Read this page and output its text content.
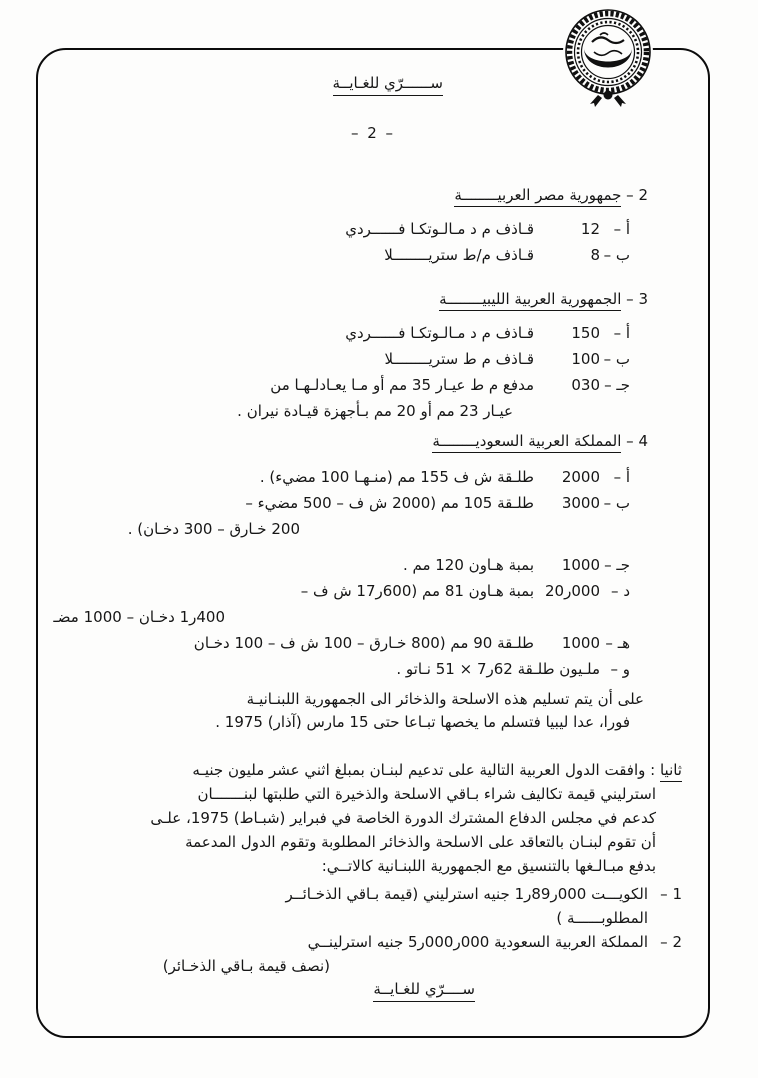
ســــــرّي للغـايــة
– 2 –
2 – جمهورية مصر العربيــــــــة
أ –
12
قـاذف م د مـالـوتكـا فــــــردي
ب –
8
قـاذف م/ط ستريــــــــلا
3 – الجمهورية العربية الليبيــــــــة
أ –
150
قـاذف م د مـالـوتكـا فــــــردي
ب –
100
قـاذف م ط ستريــــــــلا
جـ –
030
مدفع م ط عيـار 35 مم أو مـا يعـادلـهـا من
عيـار 23 مم أو 20 مم بـأجهزة قيـادة نيران .
4 – المملكة العربية السعوديــــــــة
أ –
2000
طلـقة ش ف 155 مم (منـهـا 100 مضيء) .
ب –
3000
طلـقة 105 مم (2000 ش ف – 500 مضيء –
200 خـارق – 300 دخـان) .
جـ –
1000
بمبة هـاون 120 مم .
د –
000ر20
بمبة هـاون 81 مم (600ر17 ش ف –
400ر1 دخـان – 1000 مضـ
هـ –
1000
طلـقة 90 مم (800 خـارق – 100 ش ف – 100 دخـان
و –
ملـيون طلـقة 62ر7 × 51 نـاتو .
على أن يتم تسليم هذه الاسلحة والذخائر الى الجمهورية اللبنـانيـة
فورا، عدا ليبيا فتسلم ما يخصها تبـاعا حتى 15 مارس (آذار) 1975 .
ثانيا : وافقت الدول العربية التالية على تدعيم لبنـان بمبلغ اثني عشر مليون جنيـه
استرليني قيمة تكاليف شراء بـاقي الاسلحة والذخيرة التي طلبتها لبنـــــــان
كدعم في مجلس الدفاع المشترك الدورة الخاصة في فبراير (شبـاط) 1975، علـى
أن تقوم لبنـان بالتعاقد على الاسلحة والذخائر المطلوبة وتقوم الدول المدعمة
بدفع مبـالـغها بالتنسيق مع الجمهورية اللبنـانية كالاتــي:
1 –
الكويـــت 000ر89ر1 جنيه استرليني (قيمة بـاقي الذخـائــر
المطلوبــــــة )
2 –
المملكة العربية السعودية 000ر000ر5 جنيه استرلينــي
(نصف قيمة بـاقي الذخـائر)
ســــرّي للغـايــة
